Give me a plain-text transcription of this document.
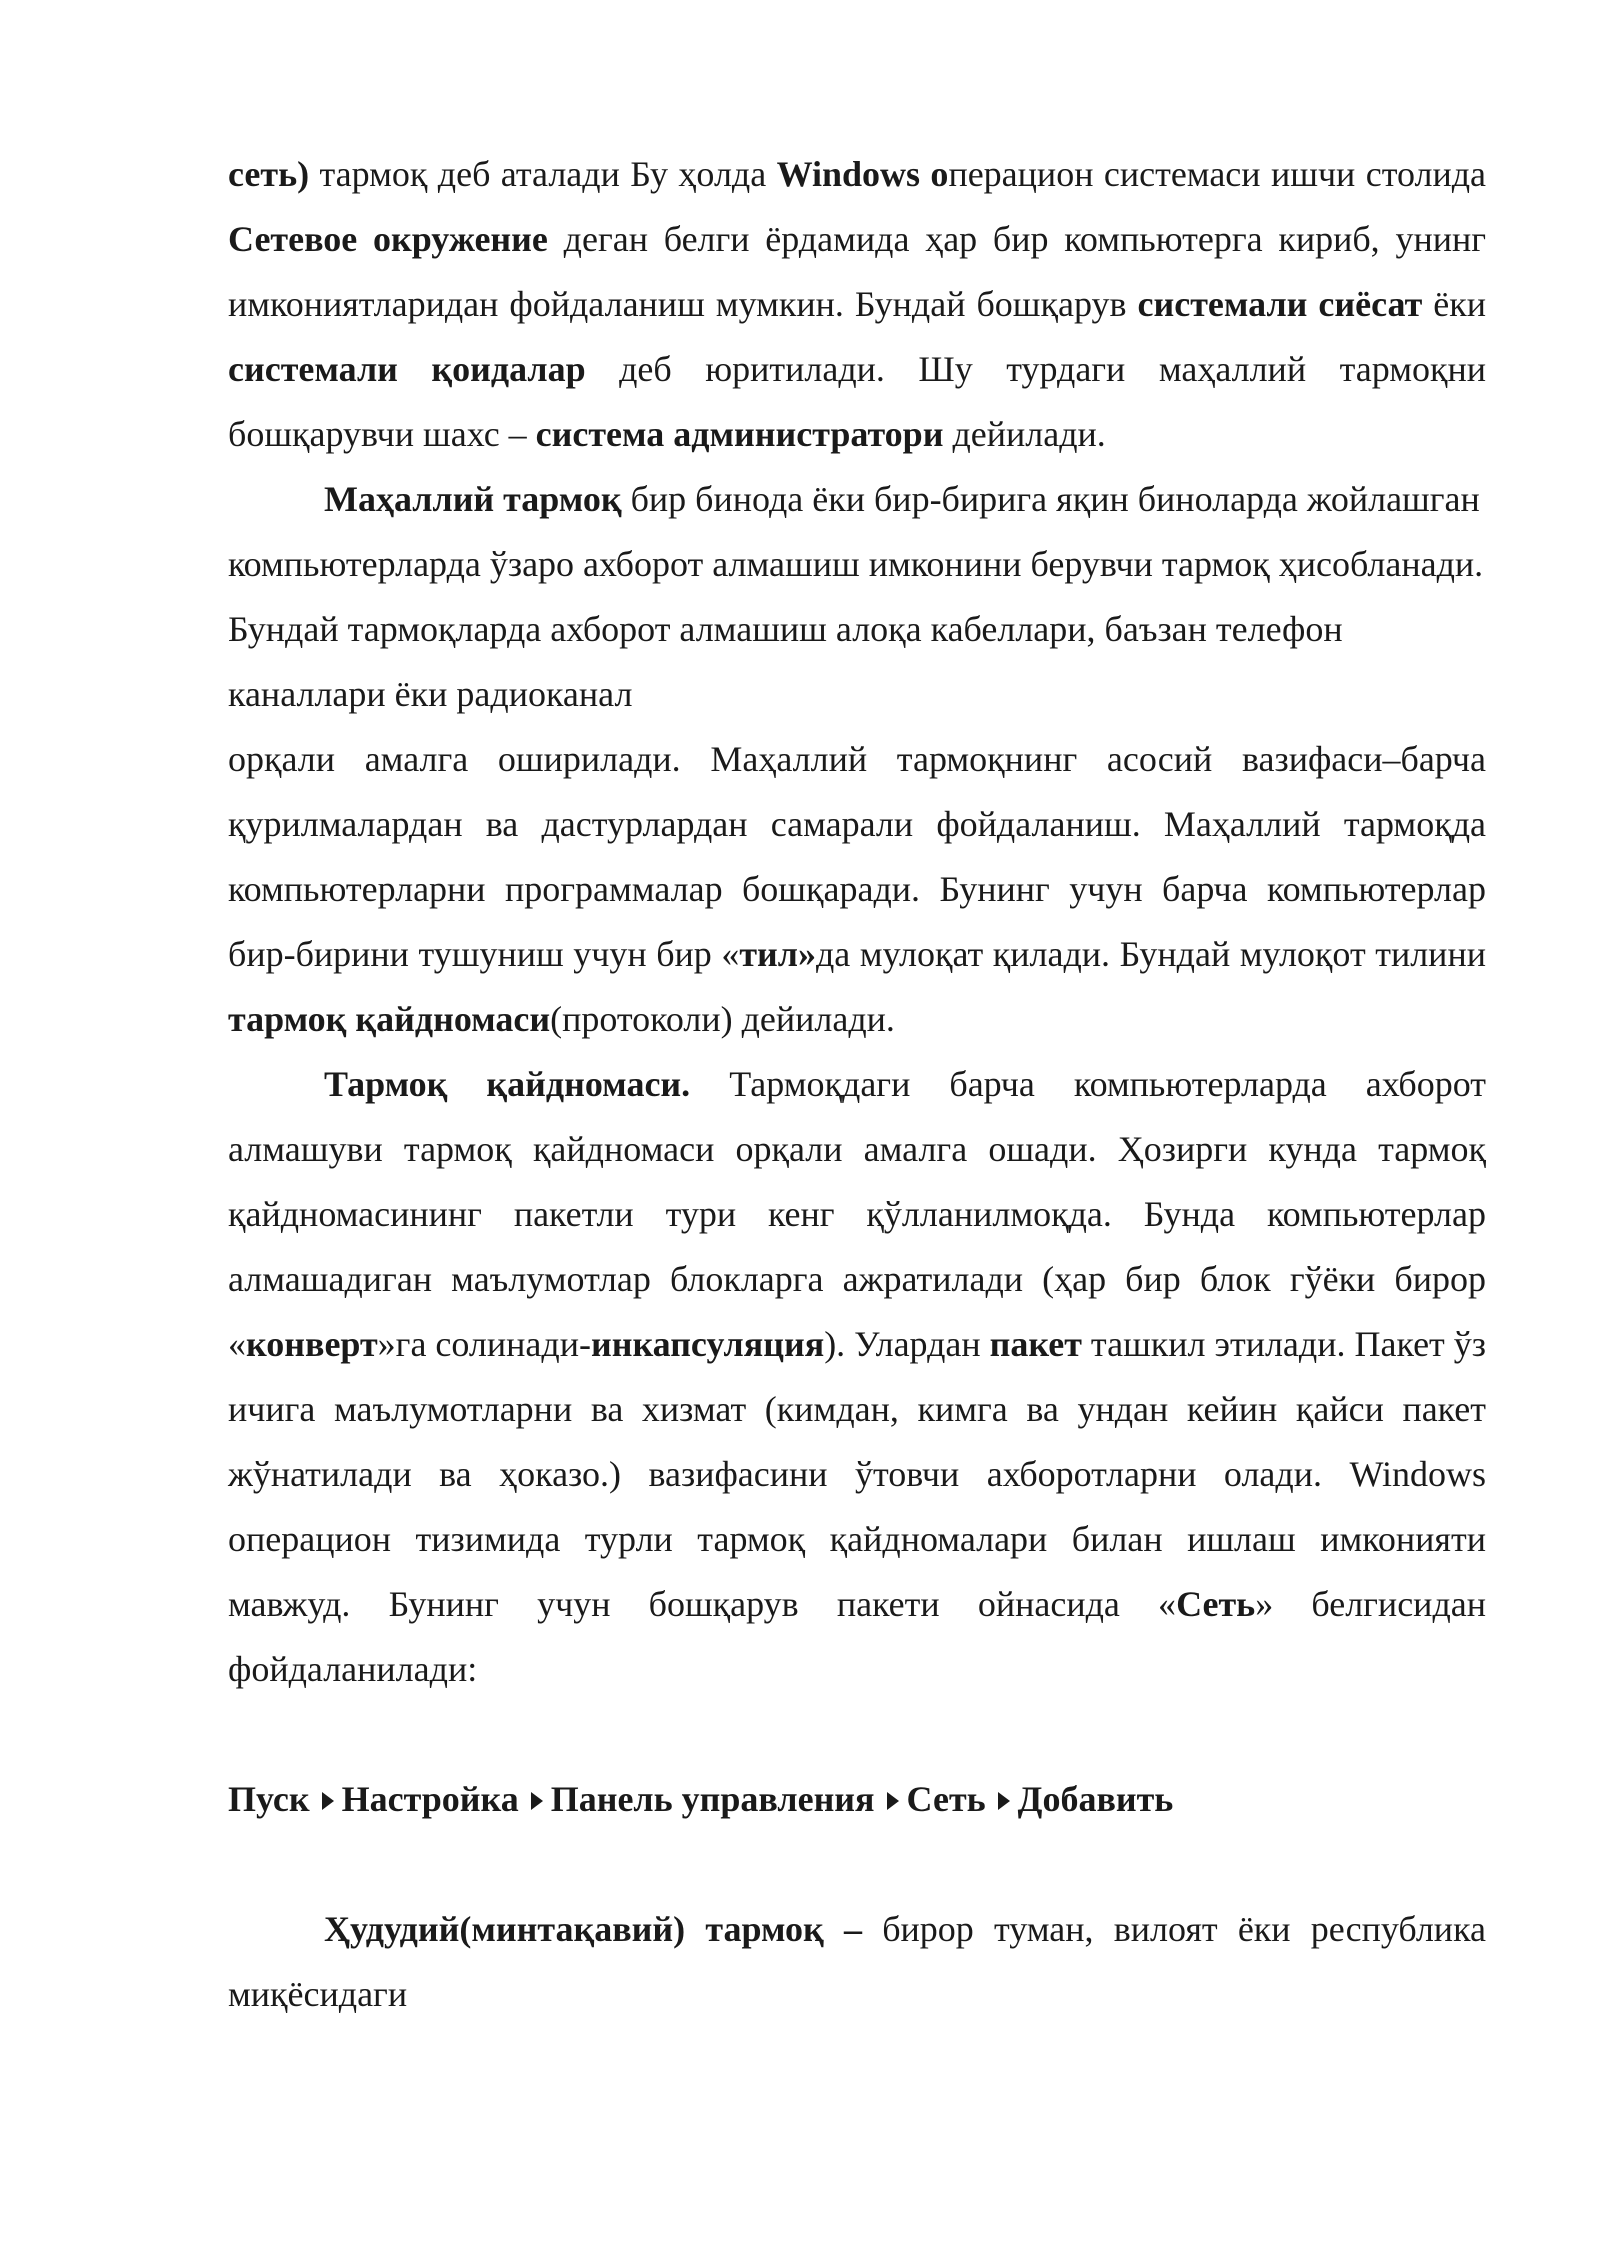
сеть) тармоқ деб аталади Бу ҳолда Windows операцион системаси ишчи столида Сетевое окружение деган белги ёрдамида ҳар бир компьютерга кириб, унинг имкониятларидан фойдаланиш мумкин. Бундай бошқарув системали сиёсат ёки системали қоидалар деб юритилади. Шу турдаги маҳаллий тармоқни бошқарувчи шахс – система администратори дейилади.

Маҳаллий тармоқ бир бинода ёки бир-бирига яқин биноларда жойлашган компьютерларда ўзаро ахборот алмашиш имконини берувчи тармоқ ҳисобланади. Бундай тармоқларда ахборот алмашиш алоқа кабеллари, баъзан телефон каналлари ёки радиоканал

орқали амалга оширилади. Маҳаллий тармоқнинг асосий вазифаси–барча қурилмалардан ва дастурлардан самарали фойдаланиш. Маҳаллий тармоқда компьютерларни программалар бошқаради. Бунинг учун барча компьютерлар бир-бирини тушуниш учун бир «тил»да мулоқат қилади. Бундай мулоқот тилини тармоқ қайдномаси(протоколи) дейилади.

Тармоқ қайдномаси. Тармоқдаги барча компьютерларда ахборот алмашуви тармоқ қайдномаси орқали амалга ошади. Ҳозирги кунда тармоқ қайдномасининг пакетли тури кенг қўлланилмоқда. Бунда компьютерлар алмашадиган маълумотлар блокларга ажратилади (ҳар бир блок гўёки бирор «конверт»га солинади-инкапсуляция). Улардан пакет ташкил этилади. Пакет ўз ичига маълумотларни ва хизмат (кимдан, кимга ва ундан кейин қайси пакет жўнатилади ва ҳоказо.) вазифасини ўтовчи ахборотларни олади. Windows операцион тизимида турли тармоқ қайдномалари билан ишлаш имконияти мавжуд. Бунинг учун бошқарув пакети ойнасида «Сеть» белгисидан фойдаланилади:

Пуск Настройка Панель управления Сеть Добавить

Ҳудудий(минтақавий) тармоқ – бирор туман, вилоят ёки республика миқёсидаги
